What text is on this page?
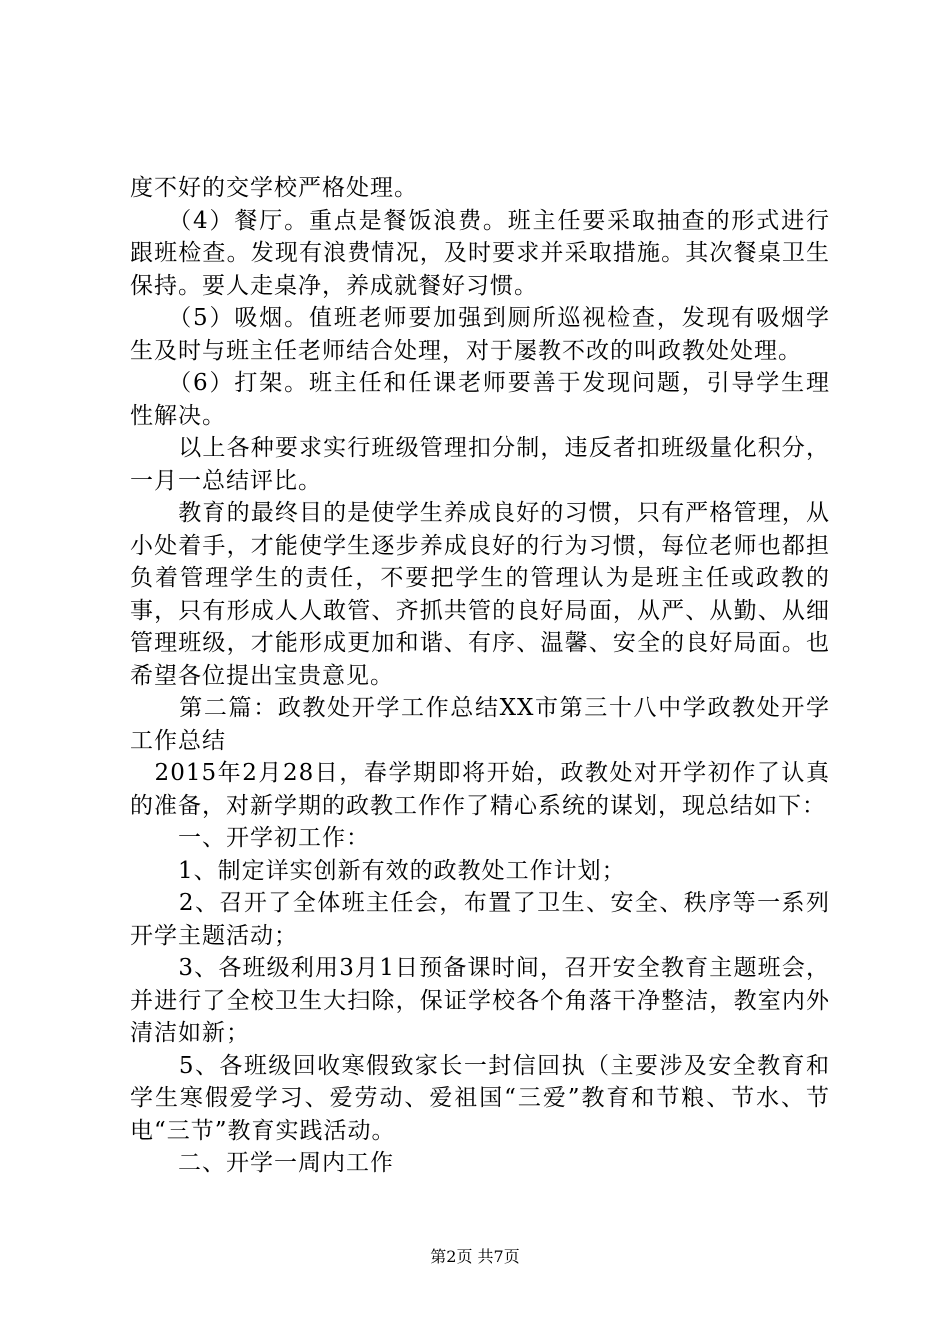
度不好的交学校严格处理。

　　（4）餐厅。重点是餐饭浪费。班主任要采取抽查的形式进行跟班检查。发现有浪费情况，及时要求并采取措施。其次餐桌卫生保持。要人走桌净，养成就餐好习惯。

　　（5）吸烟。值班老师要加强到厕所巡视检查，发现有吸烟学生及时与班主任老师结合处理，对于屡教不改的叫政教处处理。

　　（6）打架。班主任和任课老师要善于发现问题，引导学生理性解决。

　　以上各种要求实行班级管理扣分制，违反者扣班级量化积分，一月一总结评比。

　　教育的最终目的是使学生养成良好的习惯，只有严格管理，从小处着手，才能使学生逐步养成良好的行为习惯，每位老师也都担负着管理学生的责任，不要把学生的管理认为是班主任或政教的事，只有形成人人敢管、齐抓共管的良好局面，从严、从勤、从细管理班级，才能形成更加和谐、有序、温馨、安全的良好局面。也希望各位提出宝贵意见。

　　第二篇：政教处开学工作总结XX市第三十八中学政教处开学工作总结

　2015年2月28日，春学期即将开始，政教处对开学初作了认真的准备，对新学期的政教工作作了精心系统的谋划，现总结如下：

　　一、开学初工作：

　　1、制定详实创新有效的政教处工作计划；

　　2、召开了全体班主任会，布置了卫生、安全、秩序等一系列开学主题活动；

　　3、各班级利用3月1日预备课时间，召开安全教育主题班会，并进行了全校卫生大扫除，保证学校各个角落干净整洁，教室内外清洁如新；

　　5、各班级回收寒假致家长一封信回执（主要涉及安全教育和学生寒假爱学习、爱劳动、爱祖国“三爱”教育和节粮、节水、节电“三节”教育实践活动。

　　二、开学一周内工作

第2页 共7页
